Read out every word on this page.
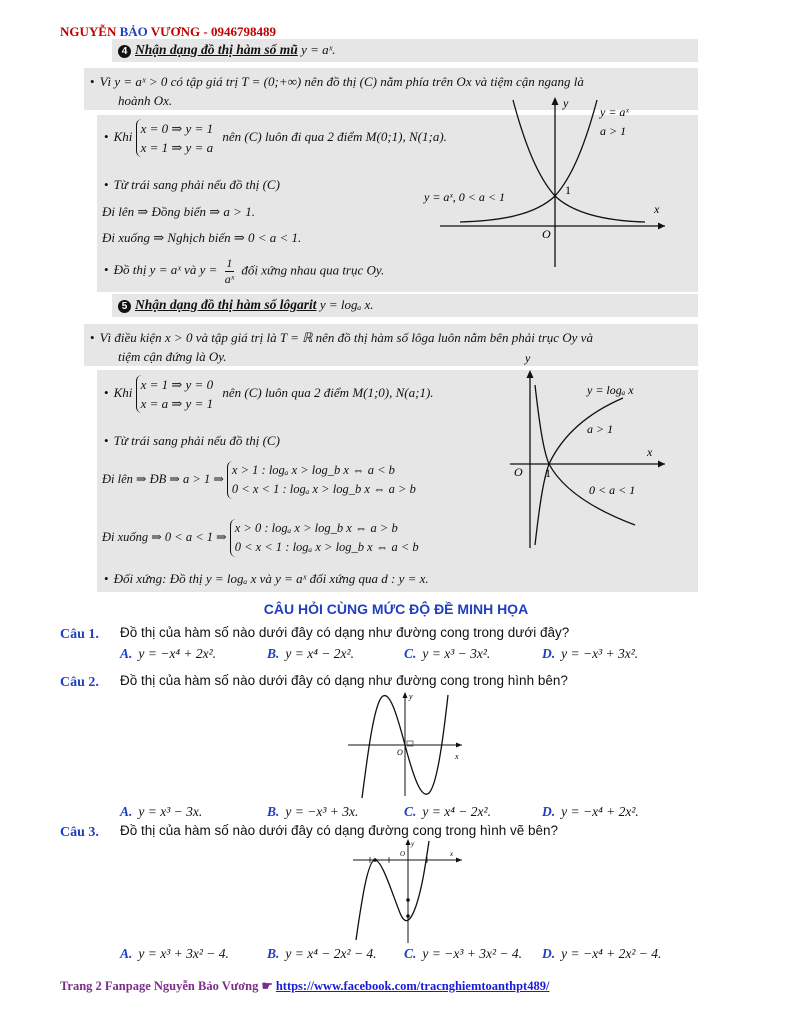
NGUYỄN BẢO VƯƠNG - 0946798489
4 Nhận dạng đồ thị hàm số mũ y = aˣ.
• Vì y = aˣ > 0 có tập giá trị T = (0;+∞) nên đồ thị (C) nằm phía trên Ox và tiệm cận ngang là
hoành Ox.
• Khi
x = 0 ⇒ y = 1
x = 1 ⇒ y = a
nên (C) luôn đi qua 2 điểm M(0;1), N(1;a).
• Từ trái sang phải nếu đồ thị (C)
Đi lên ⇒ Đồng biến ⇒ a > 1.
Đi xuống ⇒ Nghịch biến ⇒ 0 < a < 1.
• Đồ thị y = aˣ và $y = \frac{1}{\text{aˣ}}$ đối xứng nhau qua trục Oy.
y
x
O
1
y = aˣ
a > 1
y = aˣ, 0 < a < 1
5 Nhận dạng đồ thị hàm số lôgarit y = logₐ x.
• Vì điều kiện x > 0 và tập giá trị là T = ℝ nên đồ thị hàm số lôga luôn nằm bên phải trục Oy và
tiệm cận đứng là Oy.
• Khi
x = 1 ⇒ y = 0
x = a ⇒ y = 1
nên (C) luôn qua 2 điểm M(1;0), N(a;1).
• Từ trái sang phải nếu đồ thị (C)
Đi lên ⇒ ĐB ⇒ a > 1 ⇒
x > 1 : logₐ x > log_b x ⇔ a < b
0 < x < 1 : logₐ x > log_b x ⇔ a > b
Đi xuống ⇒ 0 < a < 1 ⇒
x > 0 : logₐ x > log_b x ⇔ a > b
0 < x < 1 : logₐ x > log_b x ⇔ a < b
• Đối xứng: Đồ thị y = logₐ x và y = aˣ đối xứng qua d : y = x.
y
x
O 1
y = logₐ x
a > 1
0 < a < 1
CÂU HỎI CÙNG MỨC ĐỘ ĐỀ MINH HỌA
Câu 1. Đồ thị của hàm số nào dưới đây có dạng như đường cong trong dưới đây?
A. y = −x⁴ + 2x².	B. y = x⁴ − 2x².	C. y = x³ − 3x².	D. y = −x³ + 3x².
Câu 2. Đồ thị của hàm số nào dưới đây có dạng như đường cong trong hình bên?
y
x
O
A. y = x³ − 3x.	B. y = −x³ + 3x.	C. y = x⁴ − 2x².	D. y = −x⁴ + 2x².
Câu 3. Đồ thị của hàm số nào dưới đây có dạng đường cong trong hình vẽ bên?
y
x
O
A. y = x³ + 3x² − 4.	B. y = x⁴ − 2x² − 4. C. y = −x³ + 3x² − 4. D. y = −x⁴ + 2x² − 4.
Trang 2 Fanpage Nguyễn Bảo Vương ☛ https://www.facebook.com/tracnghiemtoanthpt489/
